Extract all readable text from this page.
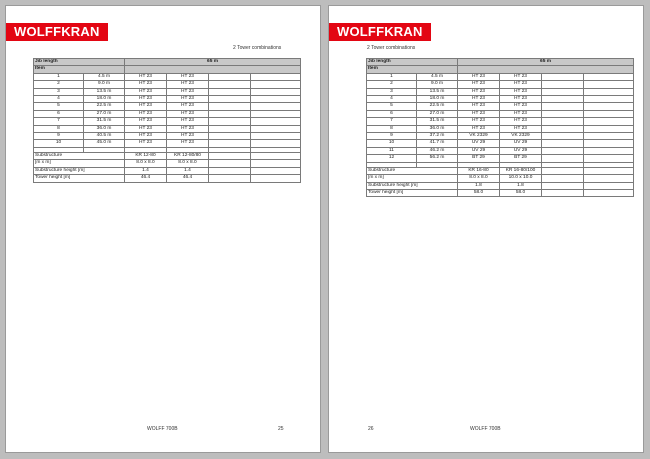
WOLFFKRAN
2 Tower combinations
Jib length		65 m			
Item					
1	4.5 m	HT 23	HT 23		
2	9.0 m	HT 23	HT 23		
3	13.5 m	HT 23	HT 23		
4	18.0 m	HT 23	HT 23		
5	22.5 m	HT 23	HT 23		
6	27.0 m	HT 23	HT 23		
7	31.5 m	HT 23	HT 23		
8	36.0 m	HT 23	HT 23		
9	40.5 m	HT 23	HT 23		
10	45.0 m	HT 23	HT 23		

Substructure		KR 12-80	KR 12-80/80		
[m x m]		8.0 x 8.0	8.0 x 8.0		
Substructure height [m]		1.4	1.4		
Tower height [m]		46.4	46.4		
WOLFF 700B	25
WOLFFKRAN
2 Tower combinations
Jib length		65 m			
Item					
1	4.5 m	HT 23	HT 23		
2	9.0 m	HT 23	HT 23		
3	13.5 m	HT 23	HT 23		
4	18.0 m	HT 23	HT 23		
5	22.5 m	HT 23	HT 23		
6	27.0 m	HT 23	HT 23		
7	31.5 m	HT 23	HT 23		
8	36.0 m	HT 23	HT 23		
9	37.2 m	VK 2329	VK 2329		
10	41.7 m	UV 29	UV 29		
11	46.2 m	UV 29	UV 29		
12	56.2 m	BT 29	BT 29		

Substructure		KR 16-80	KR 16-80/100		
[m x m]		8.0 x 8.0	10.0 x 10.0		
Substructure height [m]		1.8	1.8		
Tower height [m]		58.0	58.0		
WOLFF 700B
26
